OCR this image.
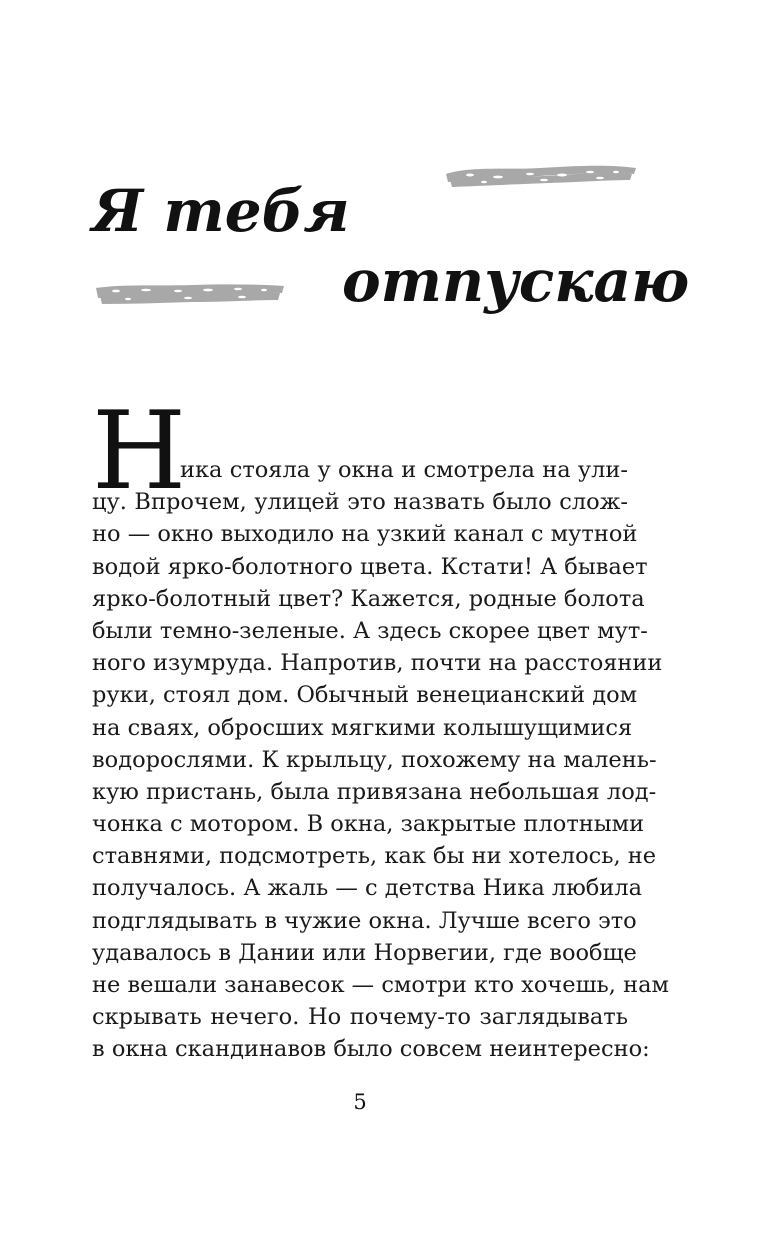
Я тебя
отпускаю
Н
ика стояла у окна и смотрела на ули-
цу. Впрочем, улицей это назвать было слож-
но — окно выходило на узкий канал с мутной
водой ярко-болотного цвета. Кстати! А бывает
ярко-болотный цвет? Кажется, родные болота
были темно-зеленые. А здесь скорее цвет мут-
ного изумруда. Напротив, почти на расстоянии
руки, стоял дом. Обычный венецианский дом
на сваях, обросших мягкими колышущимися
водорослями. К крыльцу, похожему на малень-
кую пристань, была привязана небольшая лод-
чонка с мотором. В окна, закрытые плотными
ставнями, подсмотреть, как бы ни хотелось, не
получалось. А жаль — с детства Ника любила
подглядывать в чужие окна. Лучше всего это
удавалось в Дании или Норвегии, где вообще
не вешали занавесок — смотри кто хочешь, нам
скрывать нечего. Но почему-то заглядывать
в окна скандинавов было совсем неинтересно:
5
